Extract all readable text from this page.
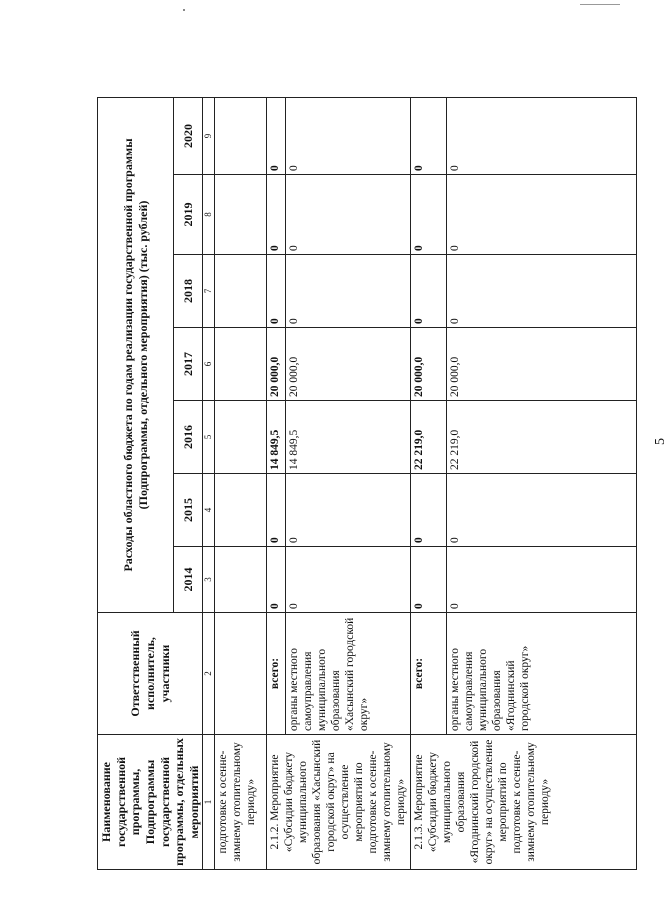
5
Наименование государственной программы, Подпрограммы государственной программы, отдельных мероприятий	Ответственный исполнитель, участники	Расходы областного бюджета по годам реализации государственной программы (Подпрограммы, отдельного мероприятия) (тыс. рублей)							
		2014	2015	2016	2017	2018	2019	2020	
1	2	3	4	5	6	7	8	9	
подготовке к осенне-зимнему отопительному периоду»									
2.1.2. Мероприятие «Субсидии бюджету муниципального образования «Хасынский городской округ» на осуществление мероприятий по подготовке к осенне-зимнему отопительному периоду»	всего:	0	0	14 849,5	20 000,0	0	0	0	
	органы местного самоуправления муниципального образования «Хасынский городской округ»	0	0	14 849,5	20 000,0	0	0	0	
2.1.3. Мероприятие «Субсидии бюджету муниципального образования «Ягоднинский городской округ» на осуществление мероприятий по подготовке к осенне-зимнему отопительному периоду»	всего:	0	0	22 219,0	20 000,0	0	0	0	
	органы местного самоуправления муниципального образования «Ягоднинский городской округ»	0	0	22 219,0	20 000,0	0	0	0	
